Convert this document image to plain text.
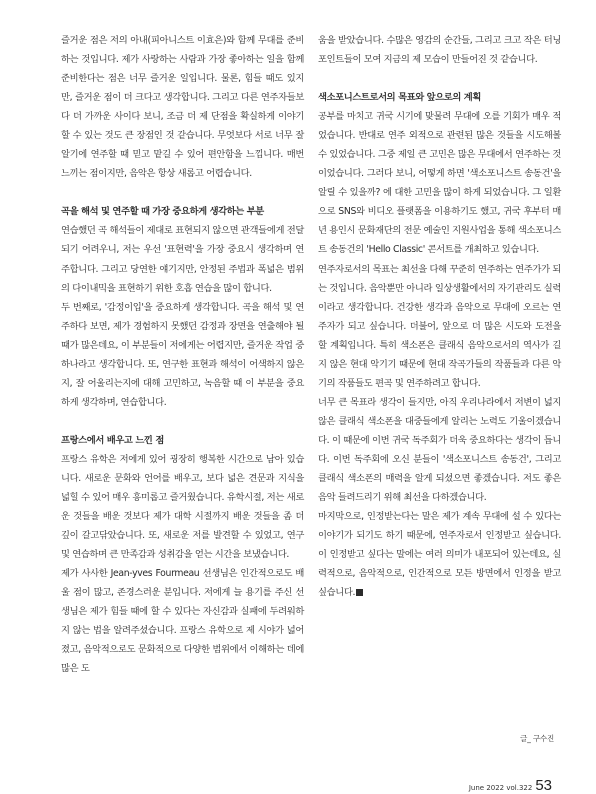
즐거운 점은 저의 아내(피아니스트 이효은)와 함께 무대를 준비하는 것입니다. 제가 사랑하는 사람과 가장 좋아하는 일을 함께 준비한다는 점은 너무 즐거운 일입니다. 물론, 힘들 때도 있지만, 즐거운 점이 더 크다고 생각합니다. 그리고 다른 연주자들보다 더 가까운 사이다 보니, 조금 더 제 단점을 확실하게 이야기할 수 있는 것도 큰 장점인 것 같습니다. 무엇보다 서로 너무 잘 알기에 연주할 때 믿고 맡길 수 있어 편안함을 느낍니다. 매번 느끼는 점이지만, 음악은 항상 새롭고 어렵습니다.

곡을 해석 및 연주할 때 가장 중요하게 생각하는 부분

연습했던 곡 해석들이 제대로 표현되지 않으면 관객들에게 전달되기 어려우니, 저는 우선 '표현력'을 가장 중요시 생각하며 연주합니다. 그리고 당연한 얘기지만, 안정된 주법과 폭넓은 범위의 다이내믹을 표현하기 위한 호흡 연습을 많이 합니다.

두 번째로, '감정이입'을 중요하게 생각합니다. 곡을 해석 및 연주하다 보면, 제가 경험하지 못했던 감정과 장면을 연출해야 될 때가 많은데요, 이 부분들이 저에게는 어렵지만, 즐거운 작업 중 하나라고 생각합니다. 또, 연구한 표현과 해석이 어색하지 않은지, 잘 어울리는지에 대해 고민하고, 녹음할 때 이 부분을 중요하게 생각하며, 연습합니다.

프랑스에서 배우고 느낀 점

프랑스 유학은 저에게 있어 굉장히 행복한 시간으로 남아 있습니다. 새로운 문화와 언어를 배우고, 보다 넓은 견문과 지식을 넓힐 수 있어 매우 흥미롭고 즐거웠습니다. 유학시절, 저는 새로운 것들을 배운 것보다 제가 대학 시절까지 배운 것들을 좀 더 깊이 갈고닦았습니다. 또, 새로운 저를 발견할 수 있었고, 연구 및 연습하며 큰 만족감과 성취감을 얻는 시간을 보냈습니다.

제가 사사한 Jean-yves Fourmeau 선생님은 인간적으로도 배울 점이 많고, 존경스러운 분입니다. 저에게 늘 용기를 주신 선생님은 제가 힘들 때에 할 수 있다는 자신감과 실패에 두려워하지 않는 법을 알려주셨습니다. 프랑스 유학으로 제 시야가 넓어졌고, 음악적으로도 문화적으로 다양한 범위에서 이해하는 데에 많은 도

움을 받았습니다. 수많은 영감의 순간들, 그리고 크고 작은 터닝 포인트들이 모여 지금의 제 모습이 만들어진 것 같습니다.

색소포니스트로서의 목표와 앞으로의 계획

공부를 마치고 귀국 시기에 맞물려 무대에 오를 기회가 매우 적었습니다. 반대로 연주 외적으로 관련된 많은 것들을 시도해볼 수 있었습니다. 그중 제일 큰 고민은 많은 무대에서 연주하는 것이었습니다. 그러다 보니, 어떻게 하면 '색소포니스트 송동건'을 알릴 수 있을까? 에 대한 고민을 많이 하게 되었습니다. 그 일환으로 SNS와 비디오 플랫폼을 이용하기도 했고, 귀국 후부터 매년 용인시 문화재단의 전문 예술인 지원사업을 통해 색소포니스트 송동건의 'Hello Classic' 콘서트를 개최하고 있습니다.

연주자로서의 목표는 최선을 다해 꾸준히 연주하는 연주가가 되는 것입니다. 음악뿐만 아니라 일상생활에서의 자기관리도 실력이라고 생각합니다. 건강한 생각과 음악으로 무대에 오르는 연주자가 되고 싶습니다. 더불어, 앞으로 더 많은 시도와 도전을 할 계획입니다. 특히 색소폰은 클래식 음악으로서의 역사가 길지 않은 현대 악기기 때문에 현대 작곡가들의 작품들과 다른 악기의 작품들도 편곡 및 연주하려고 합니다.

너무 큰 목표라 생각이 들지만, 아직 우리나라에서 저변이 넓지 않은 클래식 색소폰을 대중들에게 알리는 노력도 기울이겠습니다. 이 때문에 이번 귀국 독주회가 더욱 중요하다는 생각이 듭니다. 이번 독주회에 오신 분들이 '색소포니스트 송동건', 그리고 클래식 색소폰의 매력을 알게 되셨으면 좋겠습니다. 저도 좋은 음악 들려드리기 위해 최선을 다하겠습니다.

마지막으로, 인정받는다는 말은 제가 계속 무대에 설 수 있다는 이야기가 되기도 하기 때문에, 연주자로서 인정받고 싶습니다. 이 인정받고 싶다는 말에는 여러 의미가 내포되어 있는데요, 실력적으로, 음악적으로, 인간적으로 모든 방면에서 인정을 받고 싶습니다.

글_ 구수진
June 2022 vol.322 53
